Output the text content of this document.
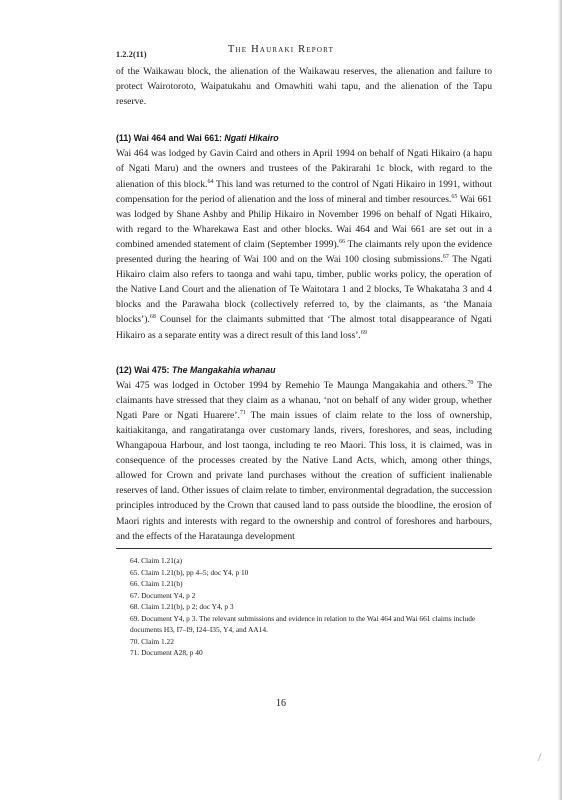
1.2.2(11)	The Hauraki Report

of the Waikawau block, the alienation of the Waikawau reserves, the alienation and failure to protect Wairotoroto, Waipatukahu and Omawhiti wahi tapu, and the alienation of the Tapu reserve.

(11) Wai 464 and Wai 661: Ngati Hikairo

Wai 464 was lodged by Gavin Caird and others in April 1994 on behalf of Ngati Hikairo (a hapu of Ngati Maru) and the owners and trustees of the Pakirarahi 1c block, with regard to the alienation of this block.$^{64}$ This land was returned to the control of Ngati Hikairo in 1991, without compensation for the period of alienation and the loss of mineral and timber resources.$^{65}$ Wai 661 was lodged by Shane Ashby and Philip Hikairo in November 1996 on behalf of Ngati Hikairo, with regard to the Wharekawa East and other blocks. Wai 464 and Wai 661 are set out in a combined amended statement of claim (September 1999).$^{66}$ The claimants rely upon the evidence presented during the hearing of Wai 100 and on the Wai 100 closing submissions.$^{67}$ The Ngati Hikairo claim also refers to taonga and wahi tapu, timber, public works policy, the operation of the Native Land Court and the alienation of Te Waitotara 1 and 2 blocks, Te Whakataha 3 and 4 blocks and the Parawaha block (collectively referred to, by the claimants, as ‘the Manaia blocks’).$^{68}$ Counsel for the claimants submitted that ‘The almost total disappearance of Ngati Hikairo as a separate entity was a direct result of this land loss’.$^{69}$

(12) Wai 475: The Mangakahia whanau

Wai 475 was lodged in October 1994 by Remehio Te Maunga Mangakahia and others.$^{70}$ The claimants have stressed that they claim as a whanau, ‘not on behalf of any wider group, whether Ngati Pare or Ngati Huarere’.$^{71}$ The main issues of claim relate to the loss of ownership, kaitiakitanga, and rangatiratanga over customary lands, rivers, foreshores, and seas, including Whangapoua Harbour, and lost taonga, including te reo Maori. This loss, it is claimed, was in consequence of the processes created by the Native Land Acts, which, among other things, allowed for Crown and private land purchases without the creation of sufficient inalienable reserves of land. Other issues of claim relate to timber, environmental degradation, the succession principles introduced by the Crown that caused land to pass outside the bloodline, the erosion of Maori rights and interests with regard to the ownership and control of foreshores and harbours, and the effects of the Harataunga development

64. Claim 1.21(a)

65. Claim 1.21(b), pp 4–5; doc Y4, p 10

66. Claim 1.21(b)

67. Document Y4, p 2

68. Claim 1.21(b), p 2; doc Y4, p 3

69. Document Y4, p 3. The relevant submissions and evidence in relation to the Wai 464 and Wai 661 claims include documents H3, I7–I9, I24–I35, Y4, and AA14.

70. Claim 1.22

71. Document A28, p 40

16
